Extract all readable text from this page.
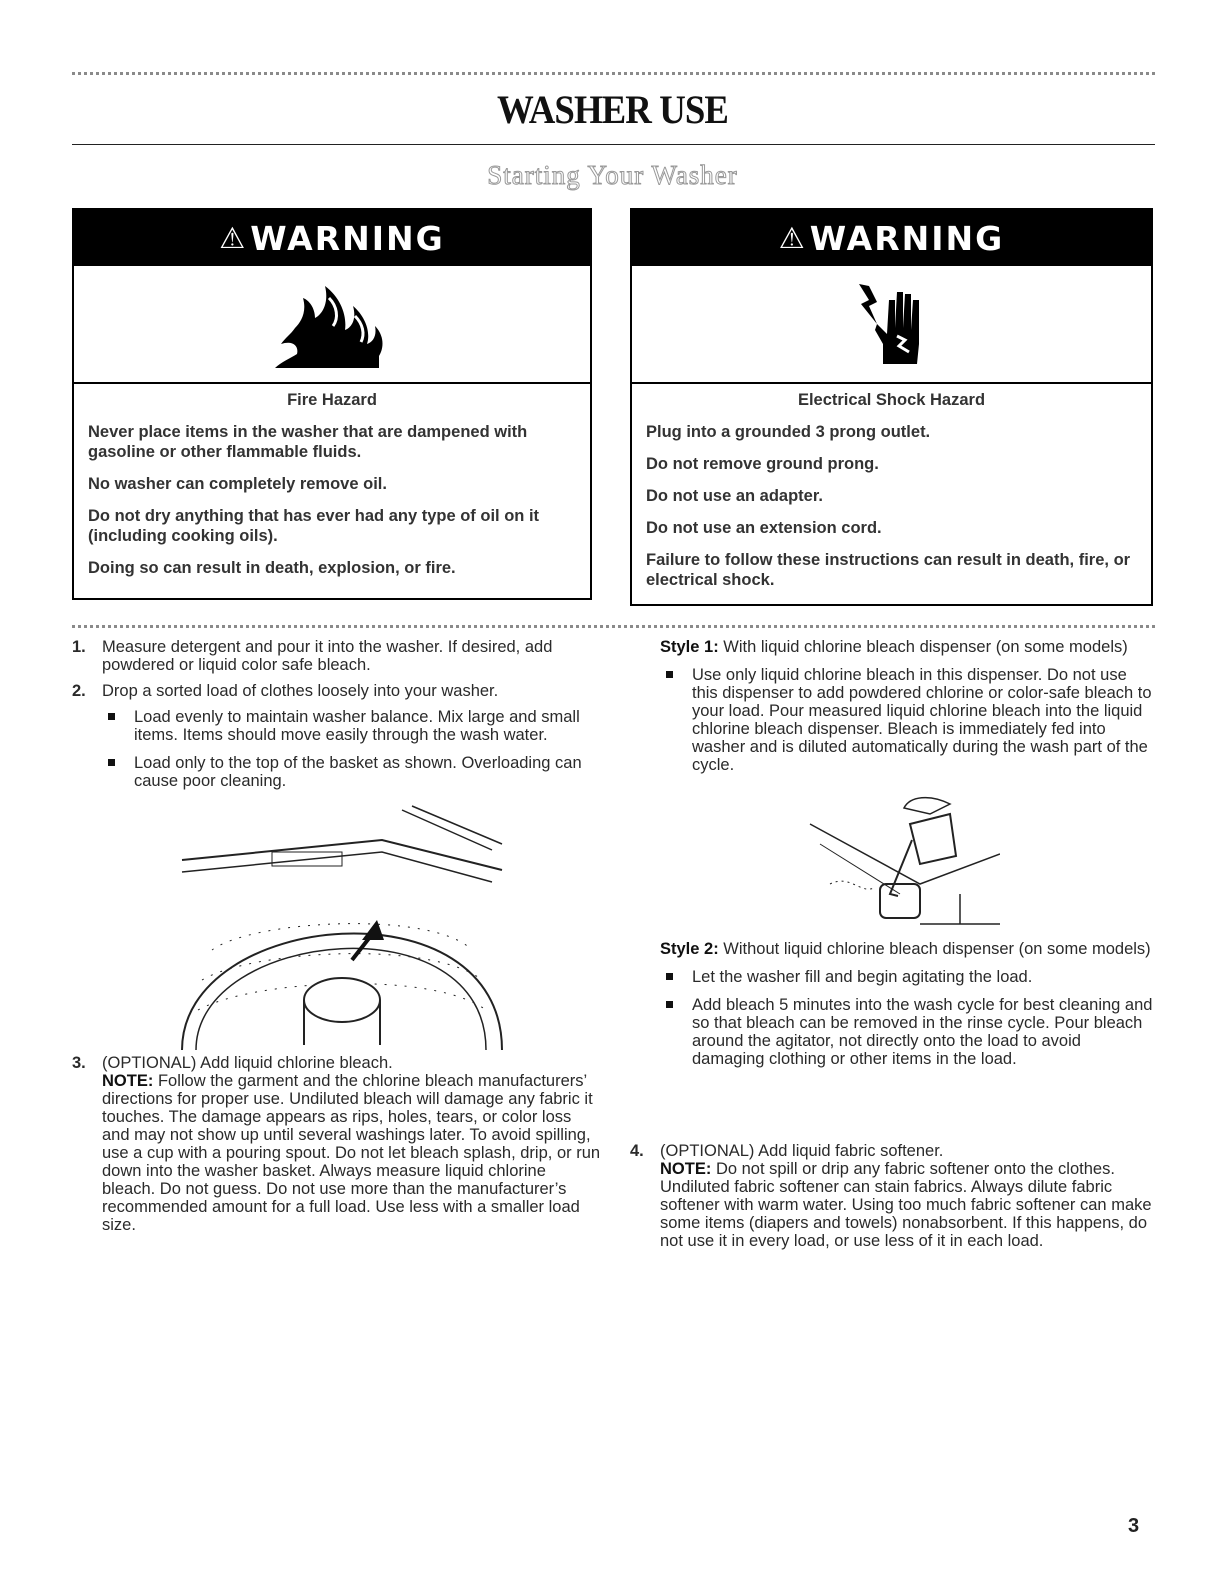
WASHER USE
Starting Your Washer
⚠ WARNING
Fire Hazard

Never place items in the washer that are dampened with gasoline or other flammable fluids.

No washer can completely remove oil.

Do not dry anything that has ever had any type of oil on it (including cooking oils).

Doing so can result in death, explosion, or fire.

⚠ WARNING
Electrical Shock Hazard

Plug into a grounded 3 prong outlet.

Do not remove ground prong.

Do not use an adapter.

Do not use an extension cord.

Failure to follow these instructions can result in death, fire, or electrical shock.

1. Measure detergent and pour it into the washer. If desired, add powdered or liquid color safe bleach.

2. Drop a sorted load of clothes loosely into your washer.

Load evenly to maintain washer balance. Mix large and small items. Items should move easily through the wash water.

Load only to the top of the basket as shown. Overloading can cause poor cleaning.

3. (OPTIONAL) Add liquid chlorine bleach.

NOTE: Follow the garment and the chlorine bleach manufacturers’ directions for proper use. Undiluted bleach will damage any fabric it touches. The damage appears as rips, holes, tears, or color loss and may not show up until several washings later. To avoid spilling, use a cup with a pouring spout. Do not let bleach splash, drip, or run down into the washer basket. Always measure liquid chlorine bleach. Do not guess. Do not use more than the manufacturer’s recommended amount for a full load. Use less with a smaller load size.

Style 1: With liquid chlorine bleach dispenser (on some models)

Use only liquid chlorine bleach in this dispenser. Do not use this dispenser to add powdered chlorine or color-safe bleach to your load. Pour measured liquid chlorine bleach into the liquid chlorine bleach dispenser. Bleach is immediately fed into washer and is diluted automatically during the wash part of the cycle.

Style 2: Without liquid chlorine bleach dispenser (on some models)

Let the washer fill and begin agitating the load.

Add bleach 5 minutes into the wash cycle for best cleaning and so that bleach can be removed in the rinse cycle. Pour bleach around the agitator, not directly onto the load to avoid damaging clothing or other items in the load.

4. (OPTIONAL) Add liquid fabric softener.

NOTE: Do not spill or drip any fabric softener onto the clothes. Undiluted fabric softener can stain fabrics. Always dilute fabric softener with warm water. Using too much fabric softener can make some items (diapers and towels) nonabsorbent. If this happens, do not use it in every load, or use less of it in each load.

3
